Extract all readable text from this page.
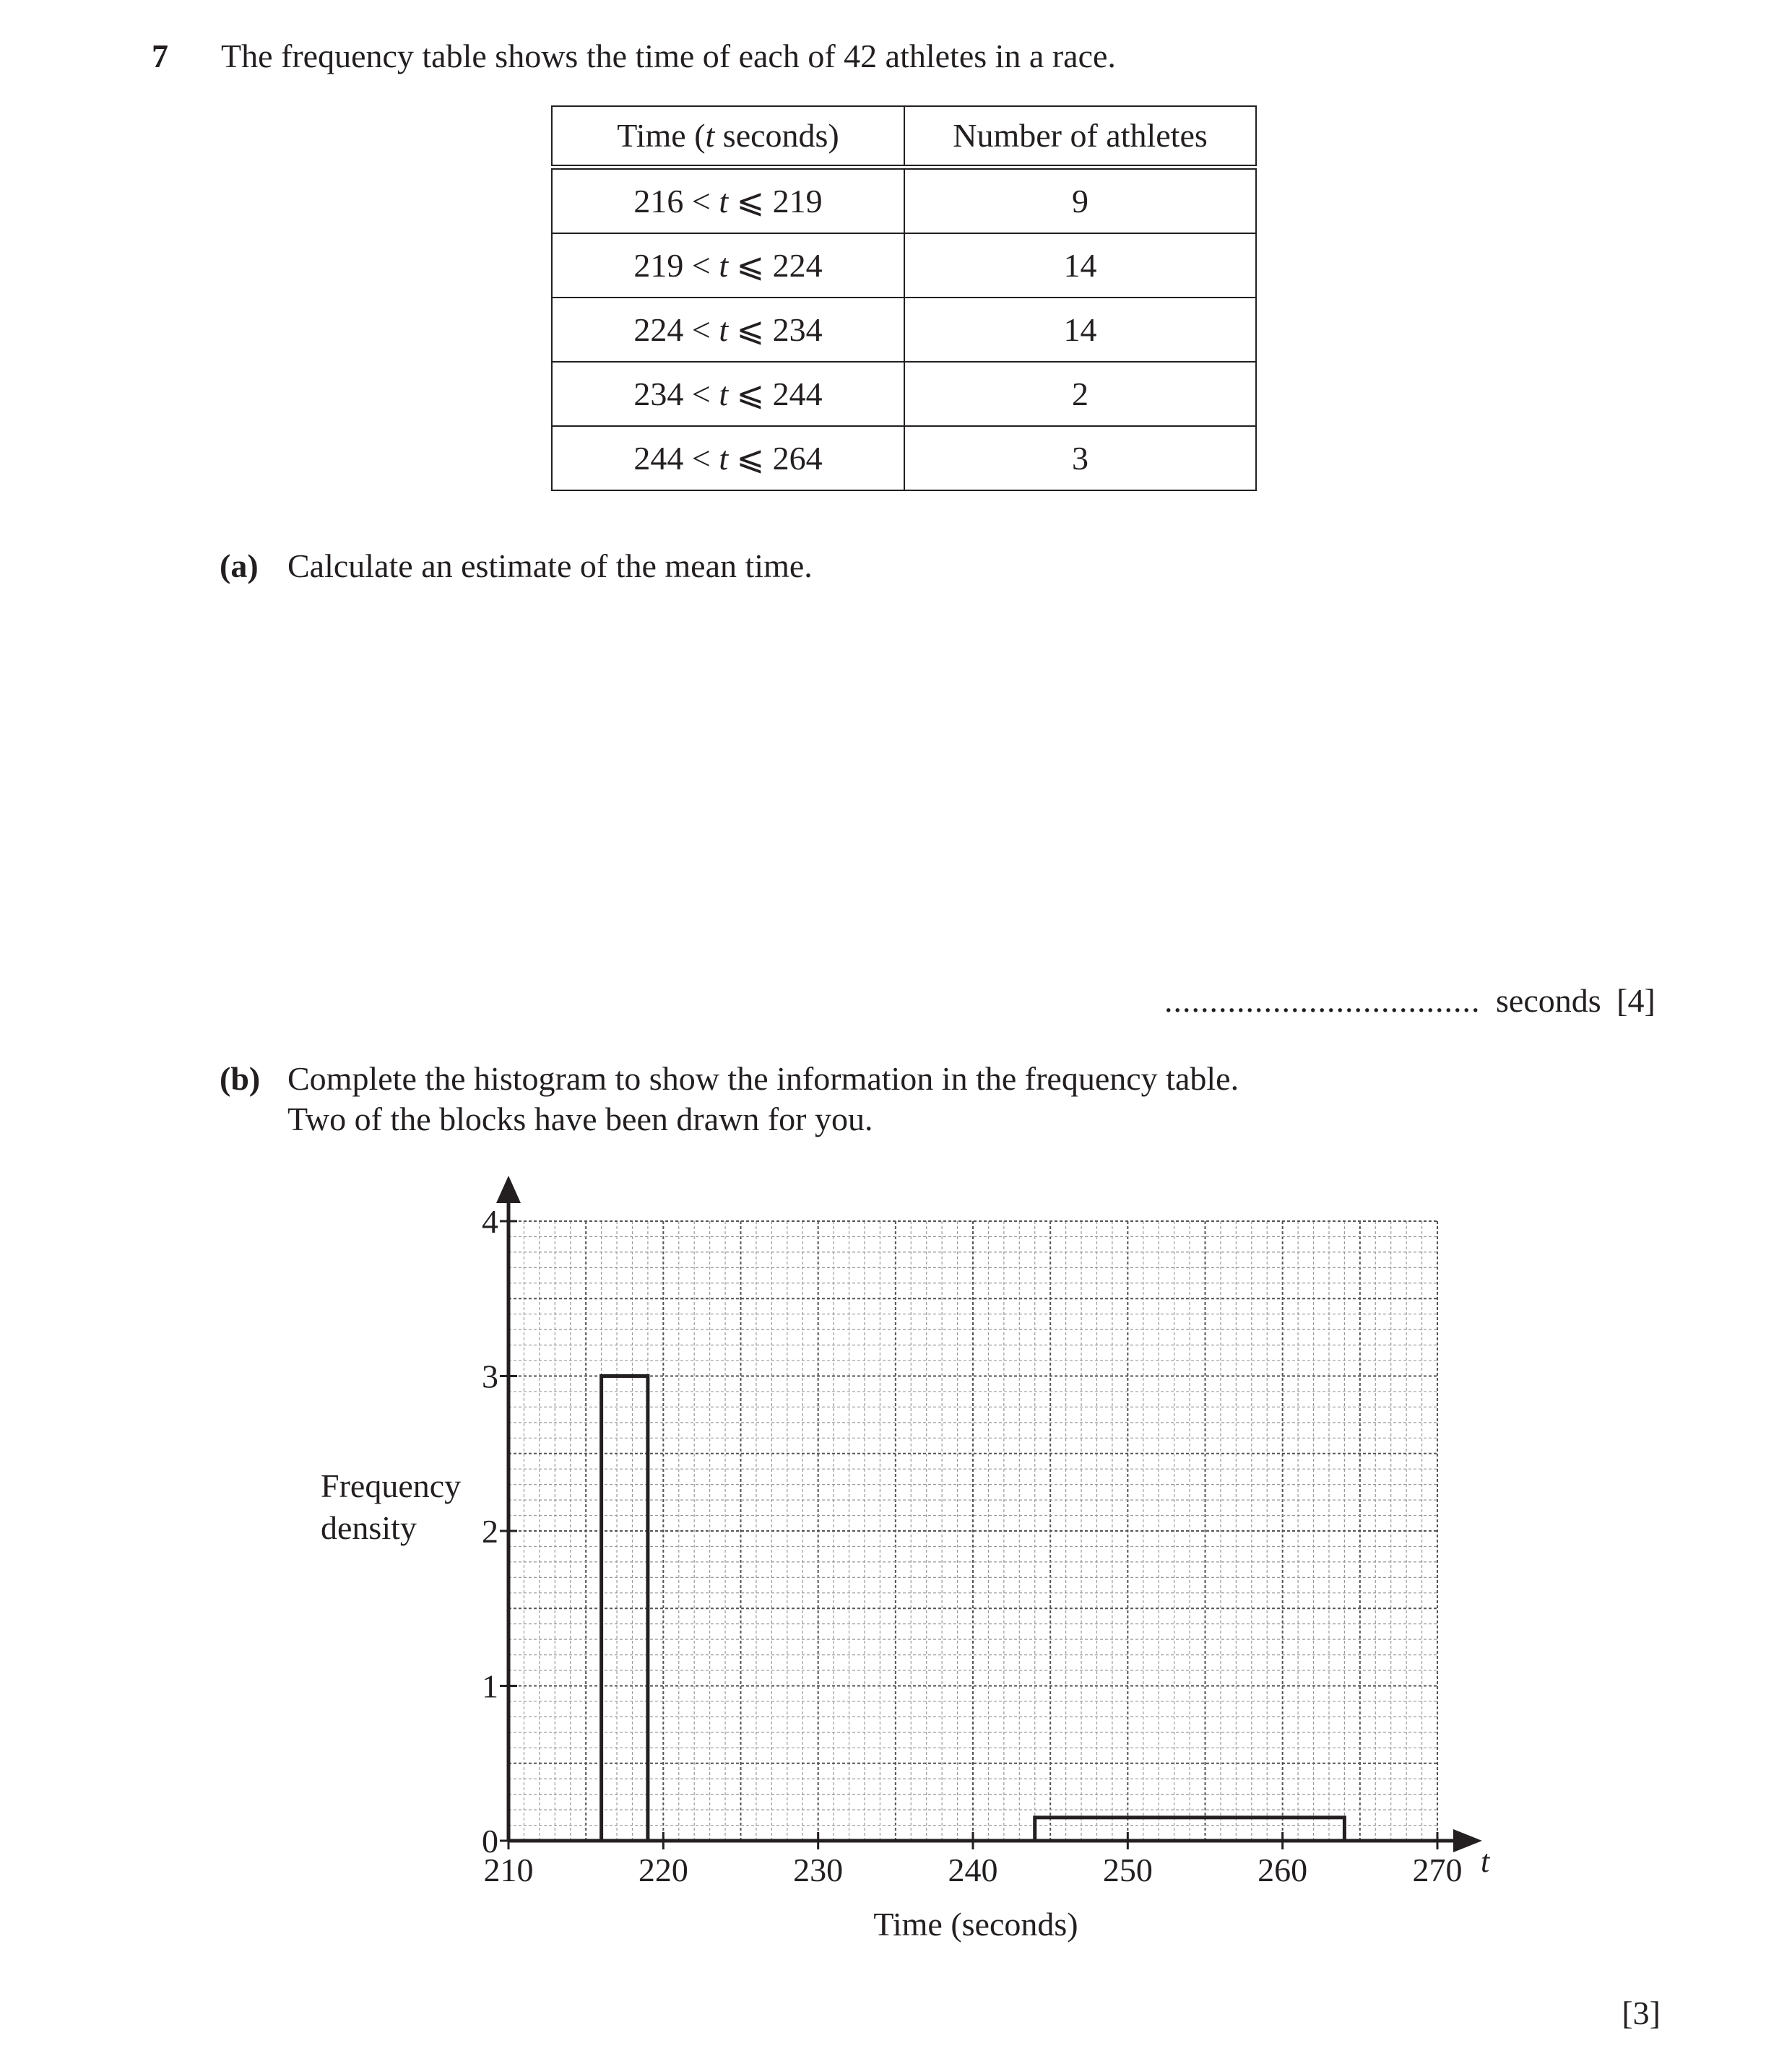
7 The frequency table shows the time of each of 42 athletes in a race.
Time (t seconds)	Number of athletes
216 < t ⩽ 219	9
219 < t ⩽ 224	14
224 < t ⩽ 234	14
234 < t ⩽ 244	2
244 < t ⩽ 264	3
(a) Calculate an estimate of the mean time.
................................... seconds [4]
(b) Complete the histogram to show the information in the frequency table.
Two of the blocks have been drawn for you.
Frequency
density
210	220	230	240	250	260	270
0
1
2
3
4
Time (seconds)
t
[3]
